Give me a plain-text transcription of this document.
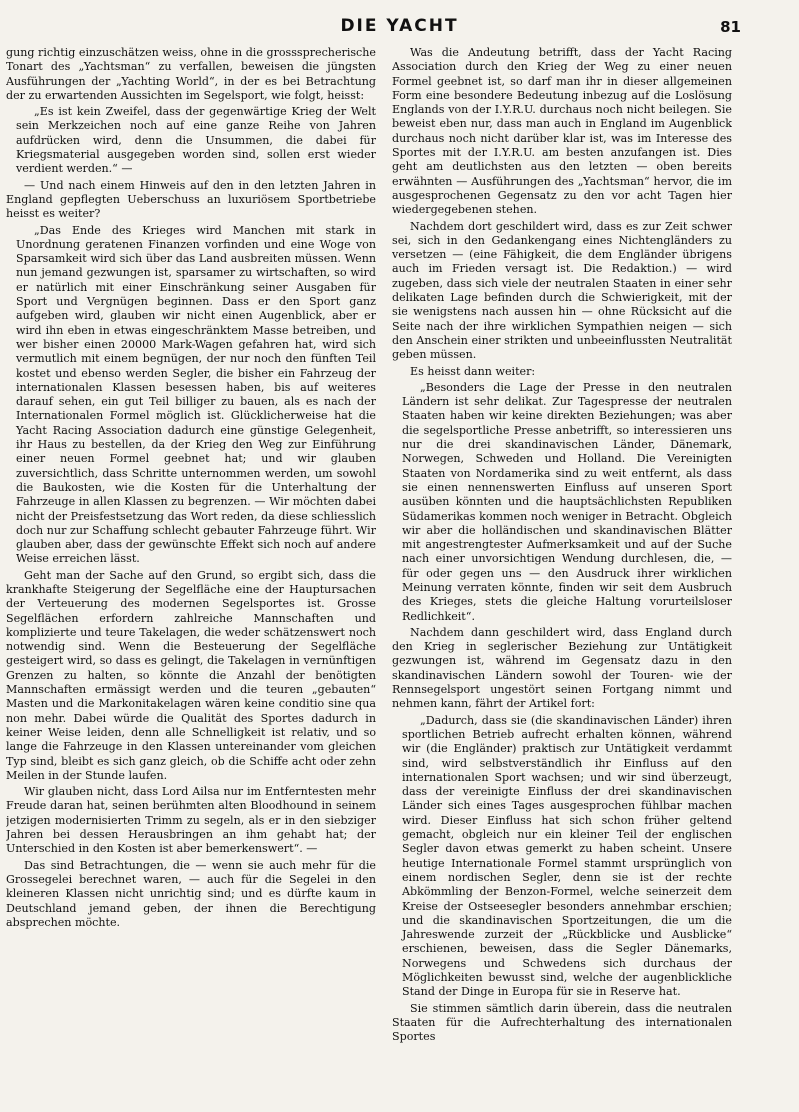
DIE YACHT	81

gung richtig einzuschätzen weiss, ohne in die grosssprecherische Tonart des „Yachtsman“ zu verfallen, beweisen die jüngsten Ausführungen der „Yachting World“, in der es bei Betrachtung der zu erwartenden Aussichten im Segelsport, wie folgt, heisst:

„Es ist kein Zweifel, dass der gegenwärtige Krieg der Welt sein Merkzeichen noch auf eine ganze Reihe von Jahren aufdrücken wird, denn die Unsummen, die dabei für Kriegsmaterial ausgegeben worden sind, sollen erst wieder verdient werden.“ —

— Und nach einem Hinweis auf den in den letzten Jahren in England gepflegten Ueberschuss an luxuriösem Sportbetriebe heisst es weiter?

„Das Ende des Krieges wird Manchen mit stark in Unordnung geratenen Finanzen vorfinden und eine Woge von Sparsamkeit wird sich über das Land ausbreiten müssen. Wenn nun jemand gezwungen ist, sparsamer zu wirtschaften, so wird er natürlich mit einer Einschränkung seiner Ausgaben für Sport und Vergnügen beginnen. Dass er den Sport ganz aufgeben wird, glauben wir nicht einen Augenblick, aber er wird ihn eben in etwas eingeschränktem Masse betreiben, und wer bisher einen 20000 Mark-Wagen gefahren hat, wird sich vermutlich mit einem begnügen, der nur noch den fünften Teil kostet und ebenso werden Segler, die bisher ein Fahrzeug der internationalen Klassen besessen haben, bis auf weiteres darauf sehen, ein gut Teil billiger zu bauen, als es nach der Internationalen Formel möglich ist. Glücklicherweise hat die Yacht Racing Association dadurch eine günstige Gelegenheit, ihr Haus zu bestellen, da der Krieg den Weg zur Einführung einer neuen Formel geebnet hat; und wir glauben zuversichtlich, dass Schritte unternommen werden, um sowohl die Baukosten, wie die Kosten für die Unterhaltung der Fahrzeuge in allen Klassen zu begrenzen. — Wir möchten dabei nicht der Preisfestsetzung das Wort reden, da diese schliesslich doch nur zur Schaffung schlecht gebauter Fahrzeuge führt. Wir glauben aber, dass der gewünschte Effekt sich noch auf andere Weise erreichen lässt.

Geht man der Sache auf den Grund, so ergibt sich, dass die krankhafte Steigerung der Segelfläche eine der Hauptursachen der Verteuerung des modernen Segelsportes ist. Grosse Segelflächen erfordern zahlreiche Mannschaften und komplizierte und teure Takelagen, die weder schätzenswert noch notwendig sind. Wenn die Besteuerung der Segelfläche gesteigert wird, so dass es gelingt, die Takelagen in vernünftigen Grenzen zu halten, so könnte die Anzahl der benötigten Mannschaften ermässigt werden und die teuren „gebauten“ Masten und die Markonitakelagen wären keine conditio sine qua non mehr. Dabei würde die Qualität des Sportes dadurch in keiner Weise leiden, denn alle Schnelligkeit ist relativ, und so lange die Fahrzeuge in den Klassen untereinander vom gleichen Typ sind, bleibt es sich ganz gleich, ob die Schiffe acht oder zehn Meilen in der Stunde laufen.

Wir glauben nicht, dass Lord Ailsa nur im Entferntesten mehr Freude daran hat, seinen berühmten alten Bloodhound in seinem jetzigen modernisierten Trimm zu segeln, als er in den siebziger Jahren bei dessen Herausbringen an ihm gehabt hat; der Unterschied in den Kosten ist aber bemerkenswert“. —

Das sind Betrachtungen, die — wenn sie auch mehr für die Grossegelei berechnet waren, — auch für die Segelei in den kleineren Klassen nicht unrichtig sind; und es dürfte kaum in Deutschland jemand geben, der ihnen die Berechtigung absprechen möchte.

Was die Andeutung betrifft, dass der Yacht Racing Association durch den Krieg der Weg zu einer neuen Formel geebnet ist, so darf man ihr in dieser allgemeinen Form eine besondere Bedeutung inbezug auf die Loslösung Englands von der I.Y.R.U. durchaus noch nicht beilegen. Sie beweist eben nur, dass man auch in England im Augenblick durchaus noch nicht darüber klar ist, was im Interesse des Sportes mit der I.Y.R.U. am besten anzufangen ist. Dies geht am deutlichsten aus den letzten — oben bereits erwähnten — Ausführungen des „Yachtsman“ hervor, die im ausgesprochenen Gegensatz zu den vor acht Tagen hier wiedergegebenen stehen.

Nachdem dort geschildert wird, dass es zur Zeit schwer sei, sich in den Gedankengang eines Nichtengländers zu versetzen — (eine Fähigkeit, die dem Engländer übrigens auch im Frieden versagt ist. Die Redaktion.) — wird zugeben, dass sich viele der neutralen Staaten in einer sehr delikaten Lage befinden durch die Schwierigkeit, mit der sie wenigstens nach aussen hin — ohne Rücksicht auf die Seite nach der ihre wirklichen Sympathien neigen — sich den Anschein einer strikten und unbeeinflussten Neutralität geben müssen.

Es heisst dann weiter:

„Besonders die Lage der Presse in den neutralen Ländern ist sehr delikat. Zur Tagespresse der neutralen Staaten haben wir keine direkten Beziehungen; was aber die segelsportliche Presse anbetrifft, so interessieren uns nur die drei skandinavischen Länder, Dänemark, Norwegen, Schweden und Holland. Die Vereinigten Staaten von Nordamerika sind zu weit entfernt, als dass sie einen nennenswerten Einfluss auf unseren Sport ausüben könnten und die hauptsächlichsten Republiken Südamerikas kommen noch weniger in Betracht. Obgleich wir aber die holländischen und skandinavischen Blätter mit angestrengtester Aufmerksamkeit und auf der Suche nach einer unvorsichtigen Wendung durchlesen, die, — für oder gegen uns — den Ausdruck ihrer wirklichen Meinung verraten könnte, finden wir seit dem Ausbruch des Krieges, stets die gleiche Haltung vorurteilsloser Redlichkeit“.

Nachdem dann geschildert wird, dass England durch den Krieg in seglerischer Beziehung zur Untätigkeit gezwungen ist, während im Gegensatz dazu in den skandinavischen Ländern sowohl der Touren- wie der Rennsegelsport ungestört seinen Fortgang nimmt und nehmen kann, fährt der Artikel fort:

„Dadurch, dass sie (die skandinavischen Länder) ihren sportlichen Betrieb aufrecht erhalten können, während wir (die Engländer) praktisch zur Untätigkeit verdammt sind, wird selbstverständlich ihr Einfluss auf den internationalen Sport wachsen; und wir sind überzeugt, dass der vereinigte Einfluss der drei skandinavischen Länder sich eines Tages ausgesprochen fühlbar machen wird. Dieser Einfluss hat sich schon früher geltend gemacht, obgleich nur ein kleiner Teil der englischen Segler davon etwas gemerkt zu haben scheint. Unsere heutige Internationale Formel stammt ursprünglich von einem nordischen Segler, denn sie ist der rechte Abkömmling der Benzon-Formel, welche seinerzeit dem Kreise der Ostseesegler besonders annehmbar erschien; und die skandinavischen Sportzeitungen, die um die Jahreswende zurzeit der „Rückblicke und Ausblicke“ erschienen, beweisen, dass die Segler Dänemarks, Norwegens und Schwedens sich durchaus der Möglichkeiten bewusst sind, welche der augenblickliche Stand der Dinge in Europa für sie in Reserve hat.

Sie stimmen sämtlich darin überein, dass die neutralen Staaten für die Aufrechterhaltung des internationalen Sportes
